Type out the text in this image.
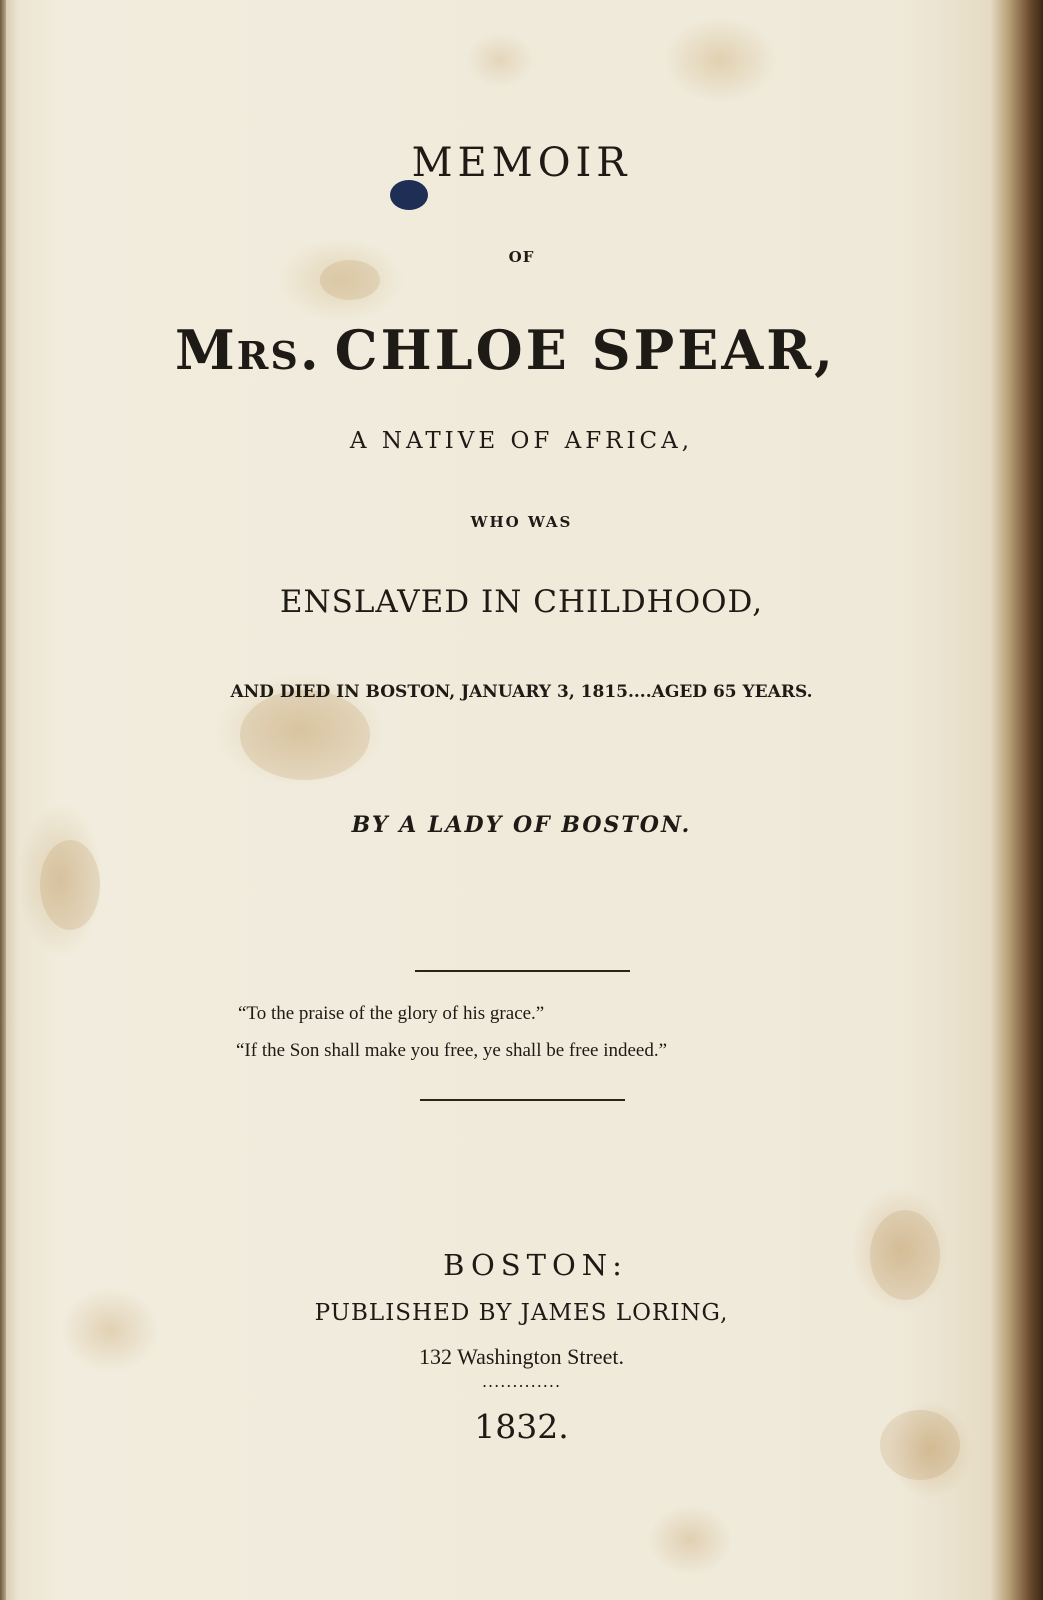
MEMOIR
OF
Mrs. CHLOE SPEAR,
A NATIVE OF AFRICA,
WHO WAS
ENSLAVED IN CHILDHOOD,
AND DIED IN BOSTON, JANUARY 3, 1815....AGED 65 YEARS.
BY A LADY OF BOSTON.
“To the praise of the glory of his grace.”
“If the Son shall make you free, ye shall be free indeed.”
BOSTON:
PUBLISHED BY JAMES LORING,
132 Washington Street.
.............
1832.
